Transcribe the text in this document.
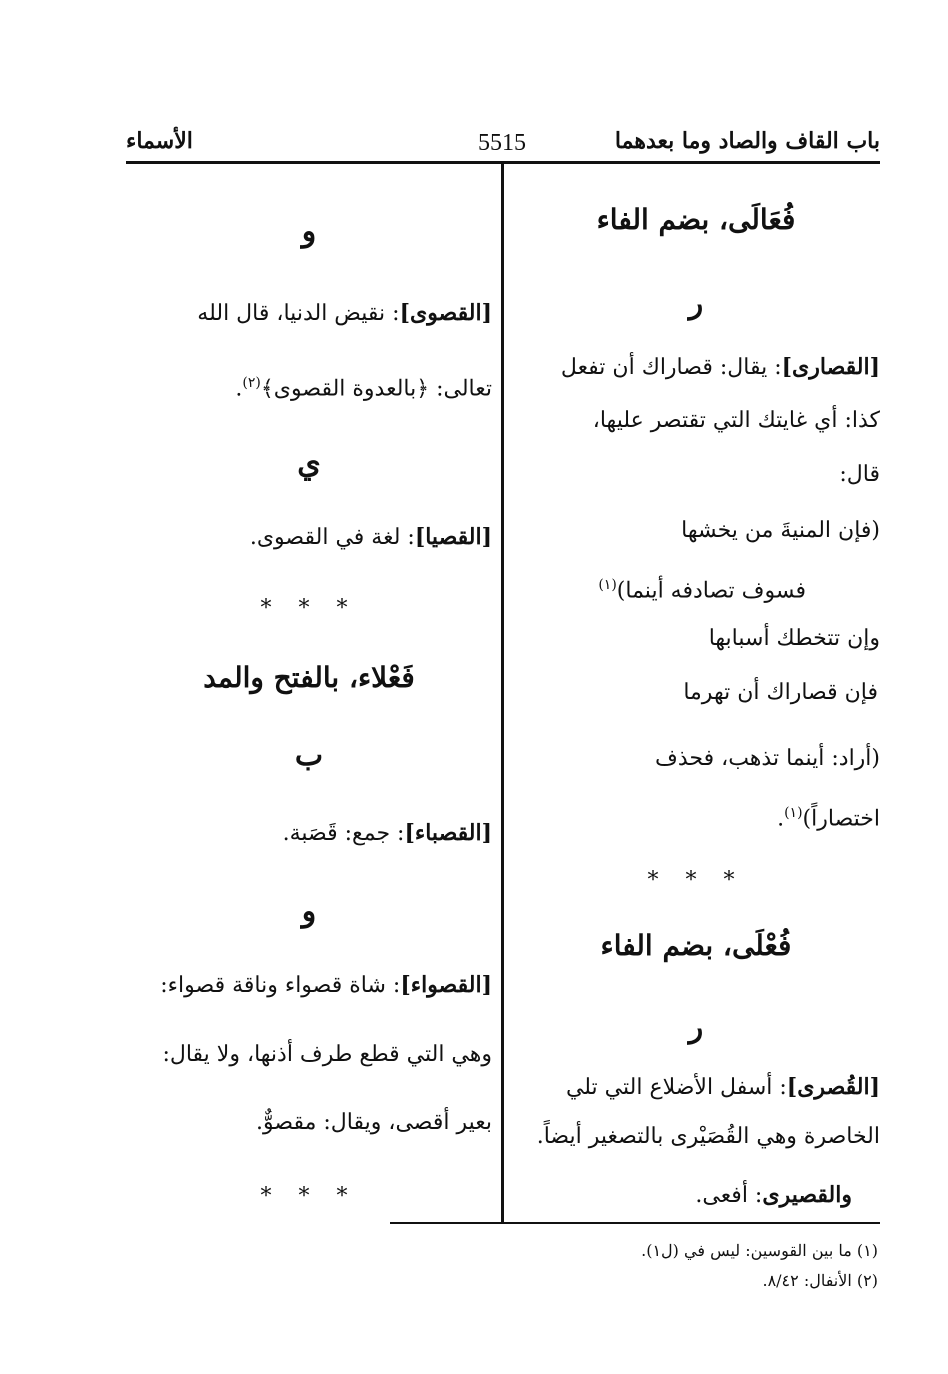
باب القاف والصاد وما بعدهما
5515
الأسماء
فُعَالَى، بضم الفاء
ر
[القصارى]: يقال: قصاراك أن تفعل
كذا: أي غايتك التي تقتصر عليها،
قال:
(فإن المنيةَ من يخشها
فسوف تصادفه أينما)$^{(١)}$
وإن تتخطك أسبابها
فإن قصاراك أن تهرما
(أراد: أينما تذهب، فحذف
اختصاراً)$^{(١)}$.
* * *
فُعْلَى، بضم الفاء
ر
[القُصرى]: أسفل الأضلاع التي تلي
الخاصرة وهي القُصَيْرى بالتصغير أيضاً.
والقصيرى: أفعى.
و
[القصوى]: نقيض الدنيا، قال الله
تعالى: ﴿بالعدوة القصوى﴾$^{(٢)}$.
ي
[القصيا]: لغة في القصوى.
* * *
فَعْلاء، بالفتح والمد
ب
[القصباء]: جمع: قَصَبة.
و
[القصواء]: شاة قصواء وناقة قصواء:
وهي التي قطع طرف أذنها، ولا يقال:
بعير أقصى، ويقال: مقصوٌّ.
* * *
(١) ما بين القوسين: ليس في (ل١).
(٢) الأنفال: ٨/٤٢.
